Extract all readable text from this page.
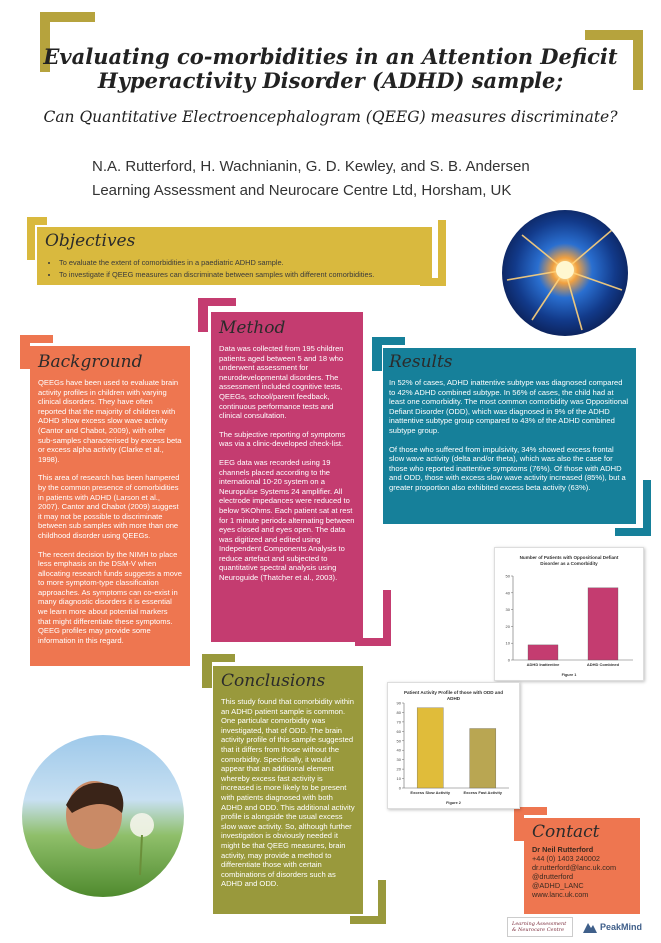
Evaluating co-morbidities in an Attention Deficit
Hyperactivity Disorder (ADHD) sample;
Can Quantitative Electroencephalogram (QEEG) measures discriminate?
N.A. Rutterford, H. Wachnianin, G. D. Kewley, and S. B. Andersen
Learning Assessment and Neurocare Centre Ltd, Horsham, UK
Objectives
• To evaluate the extent of comorbidities in a paediatric ADHD sample.
• To investigate if QEEG measures can discriminate between samples with different comorbidities.
Method

Data was collected from 195 children patients aged between 5 and 18 who underwent assessment for neurodevelopmental disorders. The assessment included cognitive tests, QEEGs, school/parent feedback, continuous performance tests and clinical consultation.

The subjective reporting of symptoms was via a clinic-developed check-list.

EEG data was recorded using 19 channels placed according to the international 10-20 system on a Neuropulse Systems 24 amplifier. All electrode impedances were reduced to below 5KOhms. Each patient sat at rest for 1 minute periods alternating between eyes closed and eyes open. The data was digitized and edited using Independent Components Analysis to reduce artefact and subjected to quantitative spectral analysis using Neuroguide (Thatcher et al., 2003).

Background

QEEGs have been used to evaluate brain activity profiles in children with varying clinical disorders. They have often reported that the majority of children with ADHD show excess slow wave activity (Cantor and Chabot, 2009), with other sub-samples characterised by excess beta or excess alpha activity (Clarke et al., 1998).

This area of research has been hampered by the common presence of comorbidities in patients with ADHD (Larson et al., 2007). Cantor and Chabot (2009) suggest it may not be possible to discriminate between sub samples with more than one childhood disorder using QEEGs.

The recent decision by the NIMH to place less emphasis on the DSM-V when allocating research funds suggests a move to more symptom-type classification approaches. As symptoms can co-exist in many diagnostic disorders it is essential we learn more about potential markers that might differentiate these symptoms. QEEG profiles may provide some information in this regard.

Results

In 52% of cases, ADHD inattentive subtype was diagnosed compared to 42% ADHD combined subtype. In 56% of cases, the child had at least one comorbidity. The most common comorbidity was Oppositional Defiant Disorder (ODD), which was diagnosed in 9% of the ADHD inattentive subtype group compared to 43% of the ADHD combined subtype group.

Of those who suffered from impulsivity, 34% showed excess frontal slow wave activity (delta and/or theta), which was also the case for those who reported inattentive symptoms (76%). Of those with ADHD and ODD, those with excess slow wave activity increased (85%), but a greater proportion also exhibited excess beta activity (63%).

Number of Patients with Oppositional Defiant
Disorder as a Comorbidity
0
10
20
30
40
50
ADHD Inattentive	ADHD Combined
Figure 1
Patient Activity Profile of those with ODD and
ADHD
0
10
20
30
40
50
60
70
80
90
Excess Slow Activity	Excess Fast Activity
Figure 2
Conclusions

This study found that comorbidity within an ADHD patient sample is common. One particular comorbidity was investigated, that of ODD. The brain activity profile of this sample suggested that it differs from those without the comorbidity. Specifically, it would appear that an additional element whereby excess fast activity is increased is more likely to be present with patients diagnosed with both ADHD and ODD. This additional activity profile is alongside the usual excess slow wave activity. So, although further investigation is obviously needed it might be that QEEG measures, brain activity, may provide a method to differentiate those with certain combinations of disorders such as ADHD and ODD.

Contact
Dr Neil Rutterford
+44 (0) 1403 240002
dr.rutterford@lanc.uk.com
@drutterford
@ADHD_LANC
www.lanc.uk.com
Learning Assessment & Neurocare Centre	PeakMind
